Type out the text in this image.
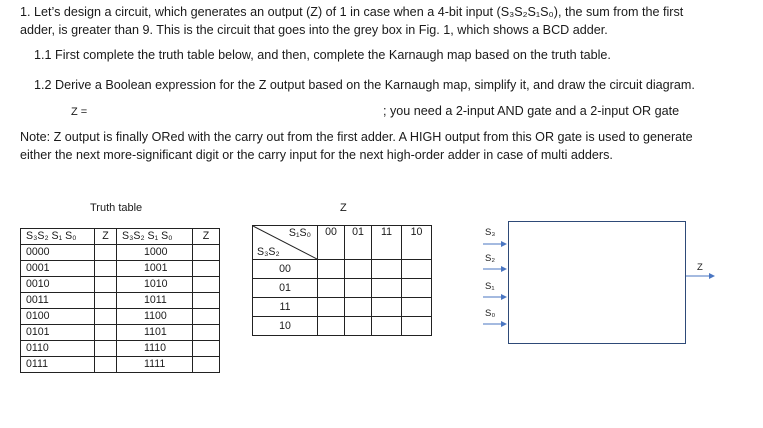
1. Let’s design a circuit, which generates an output (Z) of 1 in case when a 4-bit input (S₃S₂S₁S₀), the sum from the first
adder, is greater than 9. This is the circuit that goes into the grey box in Fig. 1, which shows a BCD adder.
1.1 First complete the truth table below, and then, complete the Karnaugh map based on the truth table.
1.2 Derive a Boolean expression for the Z output based on the Karnaugh map, simplify it, and draw the circuit diagram.
Z =	; you need a 2-input AND gate and a 2-input OR gate
Note: Z output is finally ORed with the carry out from the first adder. A HIGH output from this OR gate is used to generate
either the next more-significant digit or the carry input for the next high-order adder in case of multi adders.
Truth table
S₃S₂ S₁ S₀	Z	S₃S₂ S₁ S₀	Z
0000		1000	
0001		1001	
0010		1010	
0011		1011	
0100		1100	
0101		1101	
0110		1110	
0111		1111	
Z
S₁S₀
S₃S₂	00	01	11	10

00				
01				
11				
10				
S₃
S₂
S₁
S₀
Z
